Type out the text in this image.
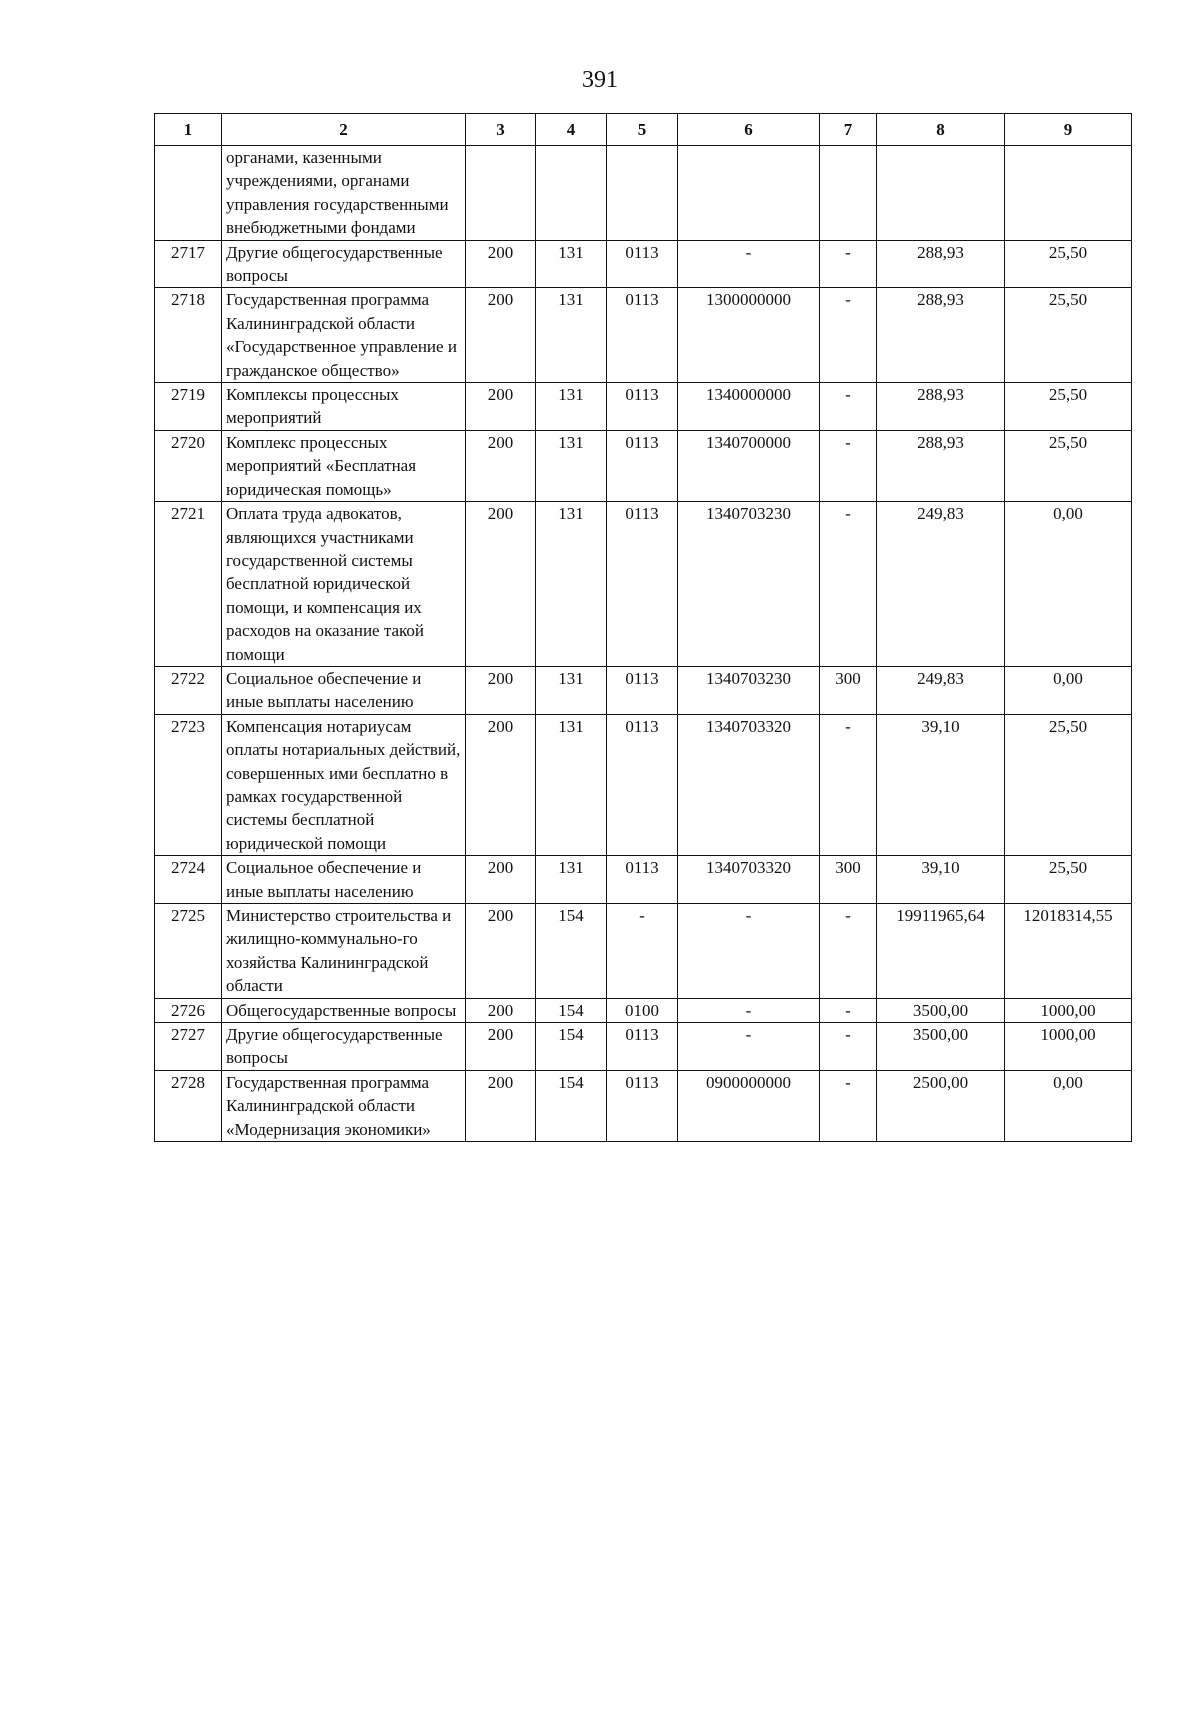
391
1	2	3	4	5	6	7	8	9
	органами, казенными учреждениями, органами управления государственными внебюджетными фондами							
2717	Другие общегосударственные вопросы	200	131	0113	-	-	288,93	25,50
2718	Государственная программа Калининградской области «Государственное управление и гражданское общество»	200	131	0113	1300000000	-	288,93	25,50
2719	Комплексы процессных мероприятий	200	131	0113	1340000000	-	288,93	25,50
2720	Комплекс процессных мероприятий «Бесплатная юридическая помощь»	200	131	0113	1340700000	-	288,93	25,50
2721	Оплата труда адвокатов, являющихся участниками государственной системы бесплатной юридической помощи, и компенсация их расходов на оказание такой помощи	200	131	0113	1340703230	-	249,83	0,00
2722	Социальное обеспечение и иные выплаты населению	200	131	0113	1340703230	300	249,83	0,00
2723	Компенсация нотариусам оплаты нотариальных действий, совершенных ими бесплатно в рамках государственной системы бесплатной юридической помощи	200	131	0113	1340703320	-	39,10	25,50
2724	Социальное обеспечение и иные выплаты населению	200	131	0113	1340703320	300	39,10	25,50
2725	Министерство строительства и жилищно-коммунально-го хозяйства Калининградской области	200	154	-	-	-	19911965,64	12018314,55
2726	Общегосударственные вопросы	200	154	0100	-	-	3500,00	1000,00
2727	Другие общегосударственные вопросы	200	154	0113	-	-	3500,00	1000,00
2728	Государственная программа Калининградской области «Модернизация экономики»	200	154	0113	0900000000	-	2500,00	0,00
